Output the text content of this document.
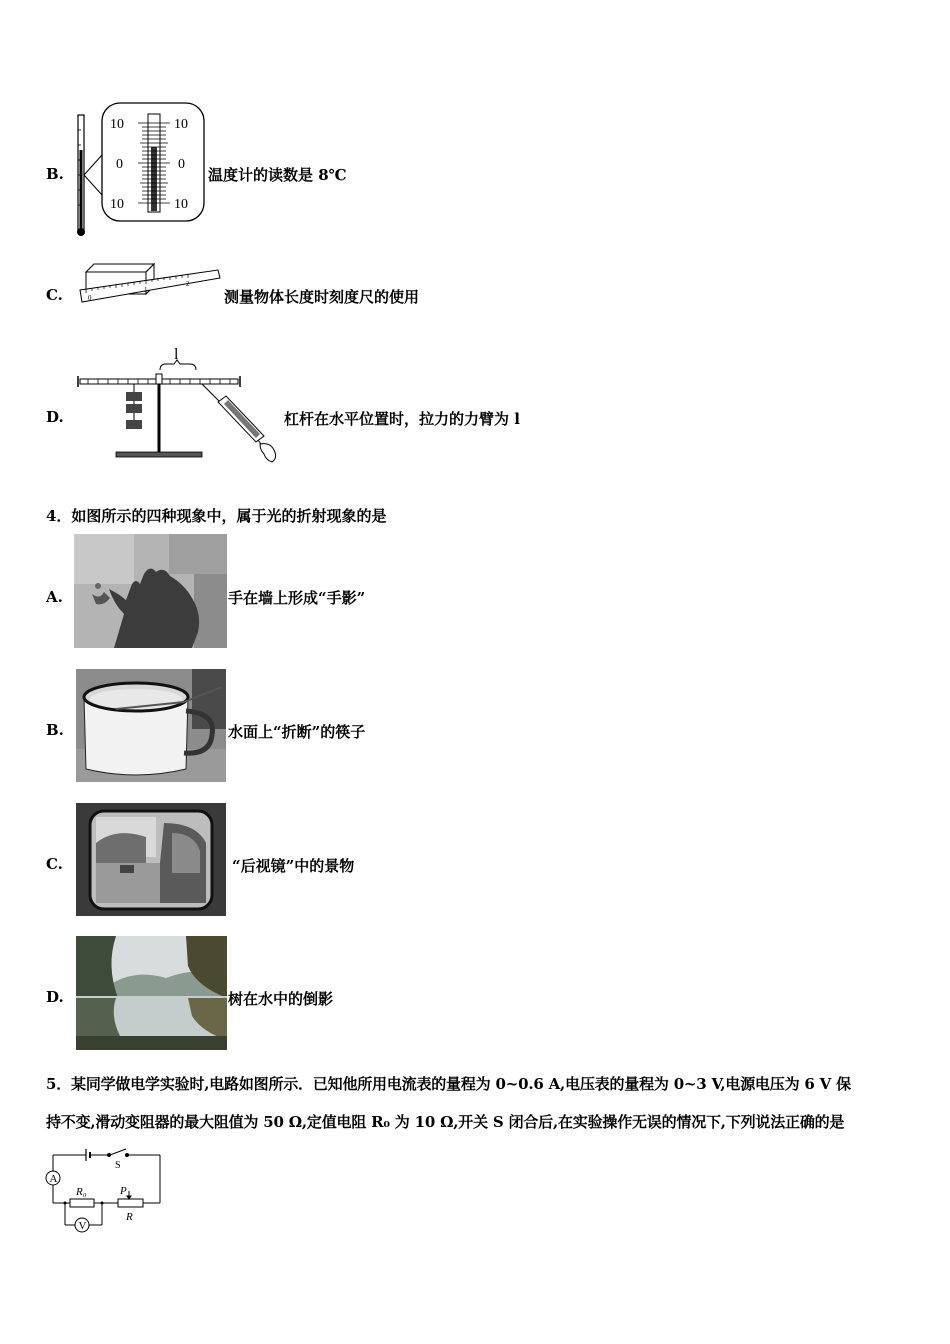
B.
10	10
0	0
10	10
温度计的读数是 8℃
C.	0
1
2
测量物体长度时刻度尺的使用
D.
l
杠杆在水平位置时，拉力的力臂为 l
4．如图所示的四种现象中，属于光的折射现象的是
A.	手在墙上形成“手影”
B.	水面上“折断”的筷子
C.	“后视镜”中的景物
D.	树在水中的倒影
5．某同学做电学实验时,电路如图所示．已知他所用电流表的量程为 0~0.6 A,电压表的量程为 0~3 V,电源电压为 6 V 保
持不变,滑动变阻器的最大阻值为 50 Ω,定值电阻 R₀ 为 10 Ω,开关 S 闭合后,在实验操作无误的情况下,下列说法正确的是
A
V
S
R₀	P
R
